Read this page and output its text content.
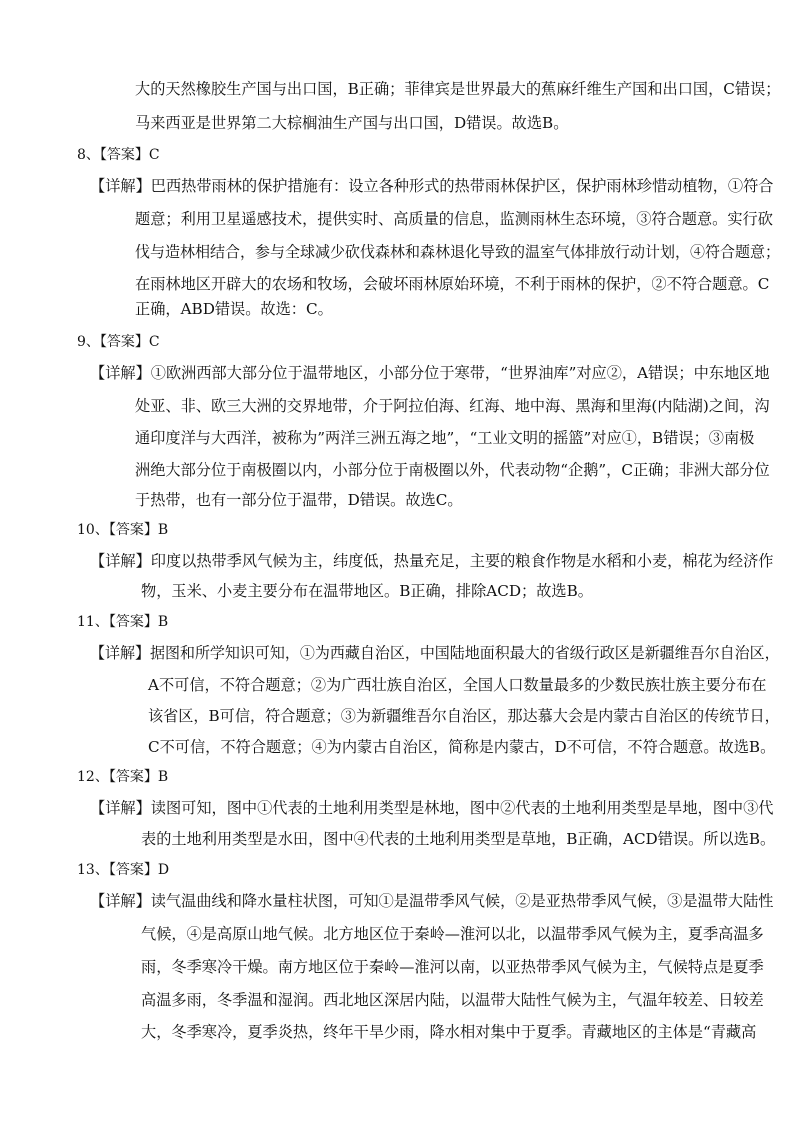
大的天然橡胶生产国与出口国，B正确；菲律宾是世界最大的蕉麻纤维生产国和出口国，C错误；
马来西亚是世界第二大棕榈油生产国与出口国，D错误。故选B。
8、【答案】C
【详解】巴西热带雨林的保护措施有：设立各种形式的热带雨林保护区，保护雨林珍惜动植物，①符合
题意；利用卫星遥感技术，提供实时、高质量的信息，监测雨林生态环境，③符合题意。实行砍
伐与造林相结合，参与全球减少砍伐森林和森林退化导致的温室气体排放行动计划，④符合题意；
在雨林地区开辟大的农场和牧场，会破坏雨林原始环境，不利于雨林的保护，②不符合题意。C
正确，ABD错误。故选：C。
9、【答案】C
【详解】①欧洲西部大部分位于温带地区，小部分位于寒带，“世界油库”对应②，A错误；中东地区地
处亚、非、欧三大洲的交界地带，介于阿拉伯海、红海、地中海、黑海和里海(内陆湖)之间，沟
通印度洋与大西洋，被称为”两洋三洲五海之地”，“工业文明的摇篮”对应①，B错误；③南极
洲绝大部分位于南极圈以内，小部分位于南极圈以外，代表动物“企鹅”，C正确；非洲大部分位
于热带，也有一部分位于温带，D错误。故选C。
10、【答案】B
【详解】印度以热带季风气候为主，纬度低，热量充足，主要的粮食作物是水稻和小麦，棉花为经济作
物，玉米、小麦主要分布在温带地区。B正确，排除ACD；故选B。
11、【答案】B
【详解】据图和所学知识可知，①为西藏自治区，中国陆地面积最大的省级行政区是新疆维吾尔自治区，
A不可信，不符合题意；②为广西壮族自治区，全国人口数量最多的少数民族壮族主要分布在
该省区，B可信，符合题意；③为新疆维吾尔自治区，那达慕大会是内蒙古自治区的传统节日，
C不可信，不符合题意；④为内蒙古自治区，简称是内蒙古，D不可信，不符合题意。故选B。
12、【答案】B
【详解】读图可知，图中①代表的土地利用类型是林地，图中②代表的土地利用类型是旱地，图中③代
表的土地利用类型是水田，图中④代表的土地利用类型是草地，B正确，ACD错误。所以选B。
13、【答案】D
【详解】读气温曲线和降水量柱状图，可知①是温带季风气候，②是亚热带季风气候，③是温带大陆性
气候，④是高原山地气候。北方地区位于秦岭—淮河以北，以温带季风气候为主，夏季高温多
雨，冬季寒冷干燥。南方地区位于秦岭—淮河以南，以亚热带季风气候为主，气候特点是夏季
高温多雨，冬季温和湿润。西北地区深居内陆，以温带大陆性气候为主，气温年较差、日较差
大，冬季寒冷，夏季炎热，终年干旱少雨，降水相对集中于夏季。青藏地区的主体是“青藏高
